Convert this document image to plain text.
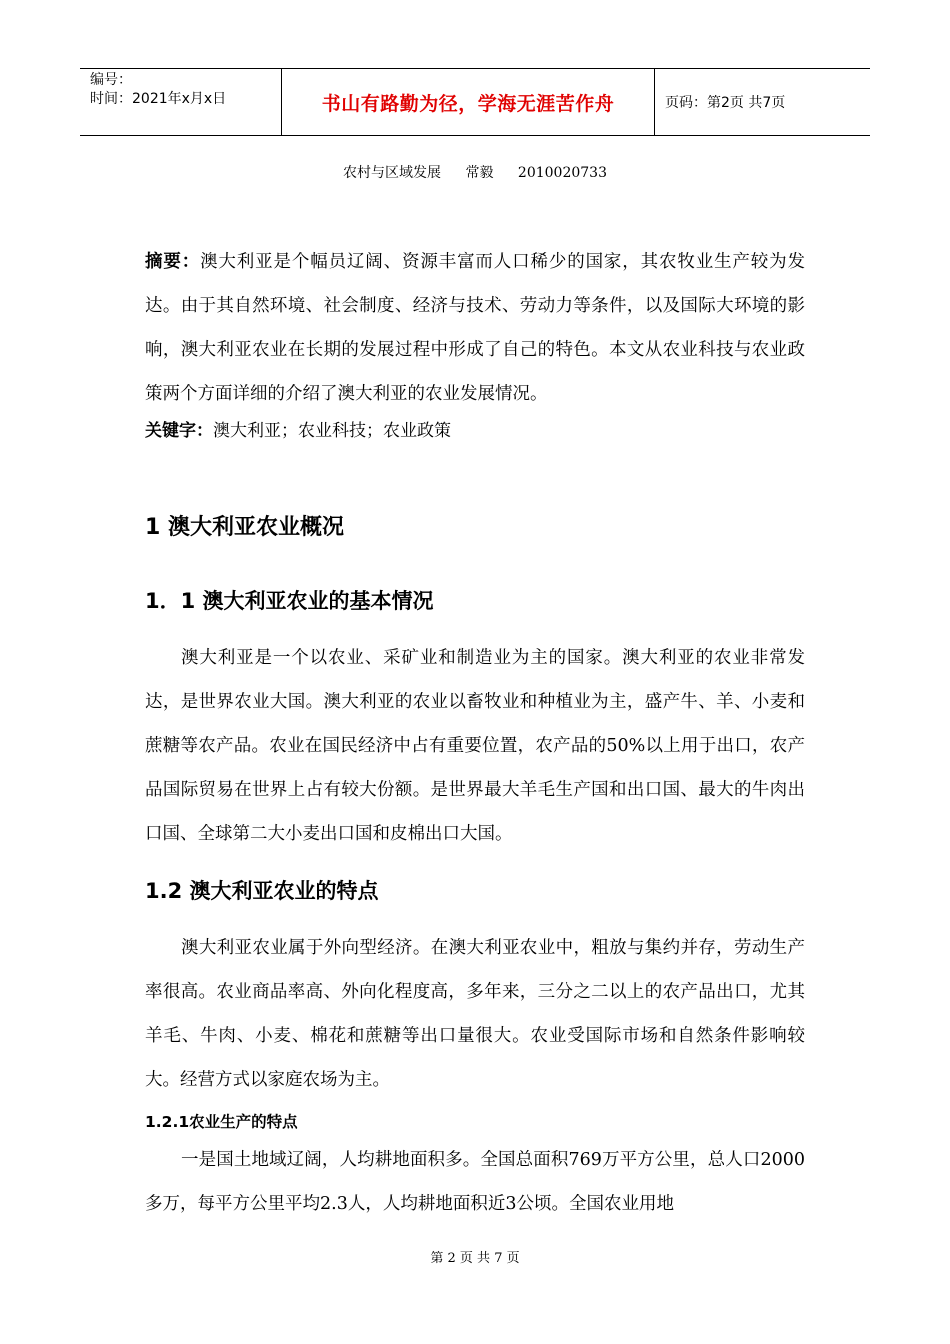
编号：
时间：2021年x月x日	书山有路勤为径，学海无涯苦作舟	页码：第2页 共7页
农村与区域发展 常毅 2010020733

摘要：澳大利亚是个幅员辽阔、资源丰富而人口稀少的国家，其农牧业生产较为发达。由于其自然环境、社会制度、经济与技术、劳动力等条件，以及国际大环境的影响，澳大利亚农业在长期的发展过程中形成了自己的特色。本文从农业科技与农业政策两个方面详细的介绍了澳大利亚的农业发展情况。

关键字：澳大利亚；农业科技；农业政策

1 澳大利亚农业概况
1．1 澳大利亚农业的基本情况

澳大利亚是一个以农业、采矿业和制造业为主的国家。澳大利亚的农业非常发达，是世界农业大国。澳大利亚的农业以畜牧业和种植业为主，盛产牛、羊、小麦和蔗糖等农产品。农业在国民经济中占有重要位置，农产品的50%以上用于出口，农产品国际贸易在世界上占有较大份额。是世界最大羊毛生产国和出口国、最大的牛肉出口国、全球第二大小麦出口国和皮棉出口大国。

1.2 澳大利亚农业的特点

澳大利亚农业属于外向型经济。在澳大利亚农业中，粗放与集约并存，劳动生产率很高。农业商品率高、外向化程度高，多年来，三分之二以上的农产品出口，尤其羊毛、牛肉、小麦、棉花和蔗糖等出口量很大。农业受国际市场和自然条件影响较大。经营方式以家庭农场为主。

1.2.1农业生产的特点

一是国土地域辽阔，人均耕地面积多。全国总面积769万平方公里，总人口2000多万，每平方公里平均2.3人，人均耕地面积近3公顷。全国农业用地

第 2 页 共 7 页
